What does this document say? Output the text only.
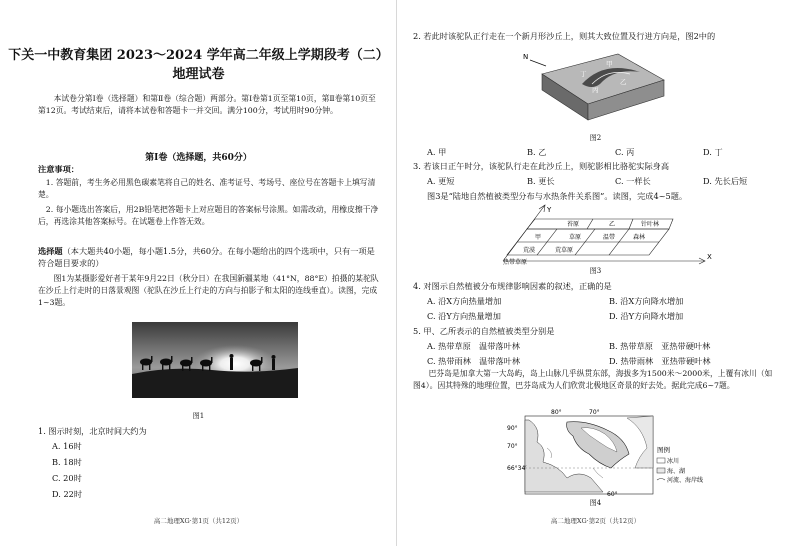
下关一中教育集团 2023～2024 学年高二年级上学期段考（二）
地理试卷
本试卷分第Ⅰ卷（选择题）和第Ⅱ卷（综合题）两部分。第Ⅰ卷第1页至第10页，第Ⅱ卷第10页至第12页。考试结束后，请将本试卷和答题卡一并交回。满分100分，考试用时90分钟。
第Ⅰ卷（选择题，共60分）
注意事项：
1. 答题前，考生务必用黑色碳素笔将自己的姓名、准考证号、考场号、座位号在答题卡上填写清楚。
2. 每小题选出答案后，用2B铅笔把答题卡上对应题目的答案标号涂黑。如需改动，用橡皮擦干净后，再选涂其他答案标号。在试题卷上作答无效。
选择题（本大题共40小题，每小题1.5分，共60分。在每小题给出的四个选项中，只有一项是符合题目要求的）
图1为某摄影爱好者于某年9月22日（秋分日）在我国新疆某地（41°N，88°E）拍摄的某驼队在沙丘上行走时的日落景观图（驼队在沙丘上行走的方向与拍影子和太阳的连线垂直）。读图，完成1~3题。
图1
1. 图示时刻，北京时间大约为
A. 16时
B. 18时
C. 20时
D. 22时
高二地理XG·第1页（共12页）
2. 若此时该驼队正行走在一个新月形沙丘上，则其大致位置及行进方向是，图2中的
N
甲
乙
丙
丁
图2
A. 甲	B. 乙	C. 丙	D. 丁
3. 若该日正午时分，该驼队行走在此沙丘上，则驼影相比骆驼实际身高
A. 更短	B. 更长	C. 一样长	D. 先长后短
图3是“陆地自然植被类型分布与水热条件关系图”。读图，完成4~5题。
Y
X
苔原	乙	针叶林
甲	草原	温带	森林
荒漠	荒草原
热带草原
图3
4. 对图示自然植被分布规律影响因素的叙述，正确的是
A. 沿X方向热量增加	B. 沿X方向降水增加
C. 沿Y方向热量增加	D. 沿Y方向降水增加
5. 甲、乙所表示的自然植被类型分别是
A. 热带草原　温带落叶林	B. 热带草原　亚热带硬叶林
C. 热带雨林　温带落叶林	D. 热带雨林　亚热带硬叶林
巴芬岛是加拿大第一大岛屿，岛上山脉几乎纵贯东部，海拔多为1500米～2000米，上覆有冰川（如图4）。因其特殊的地理位置，巴芬岛成为人们欣赏北极地区奇景的好去处。据此完成6~7题。
80°	70°
90°
70°
66°34′
60°
图例
冰川
海、湖
河流、海岸线
图4
高二地理XG·第2页（共12页）
